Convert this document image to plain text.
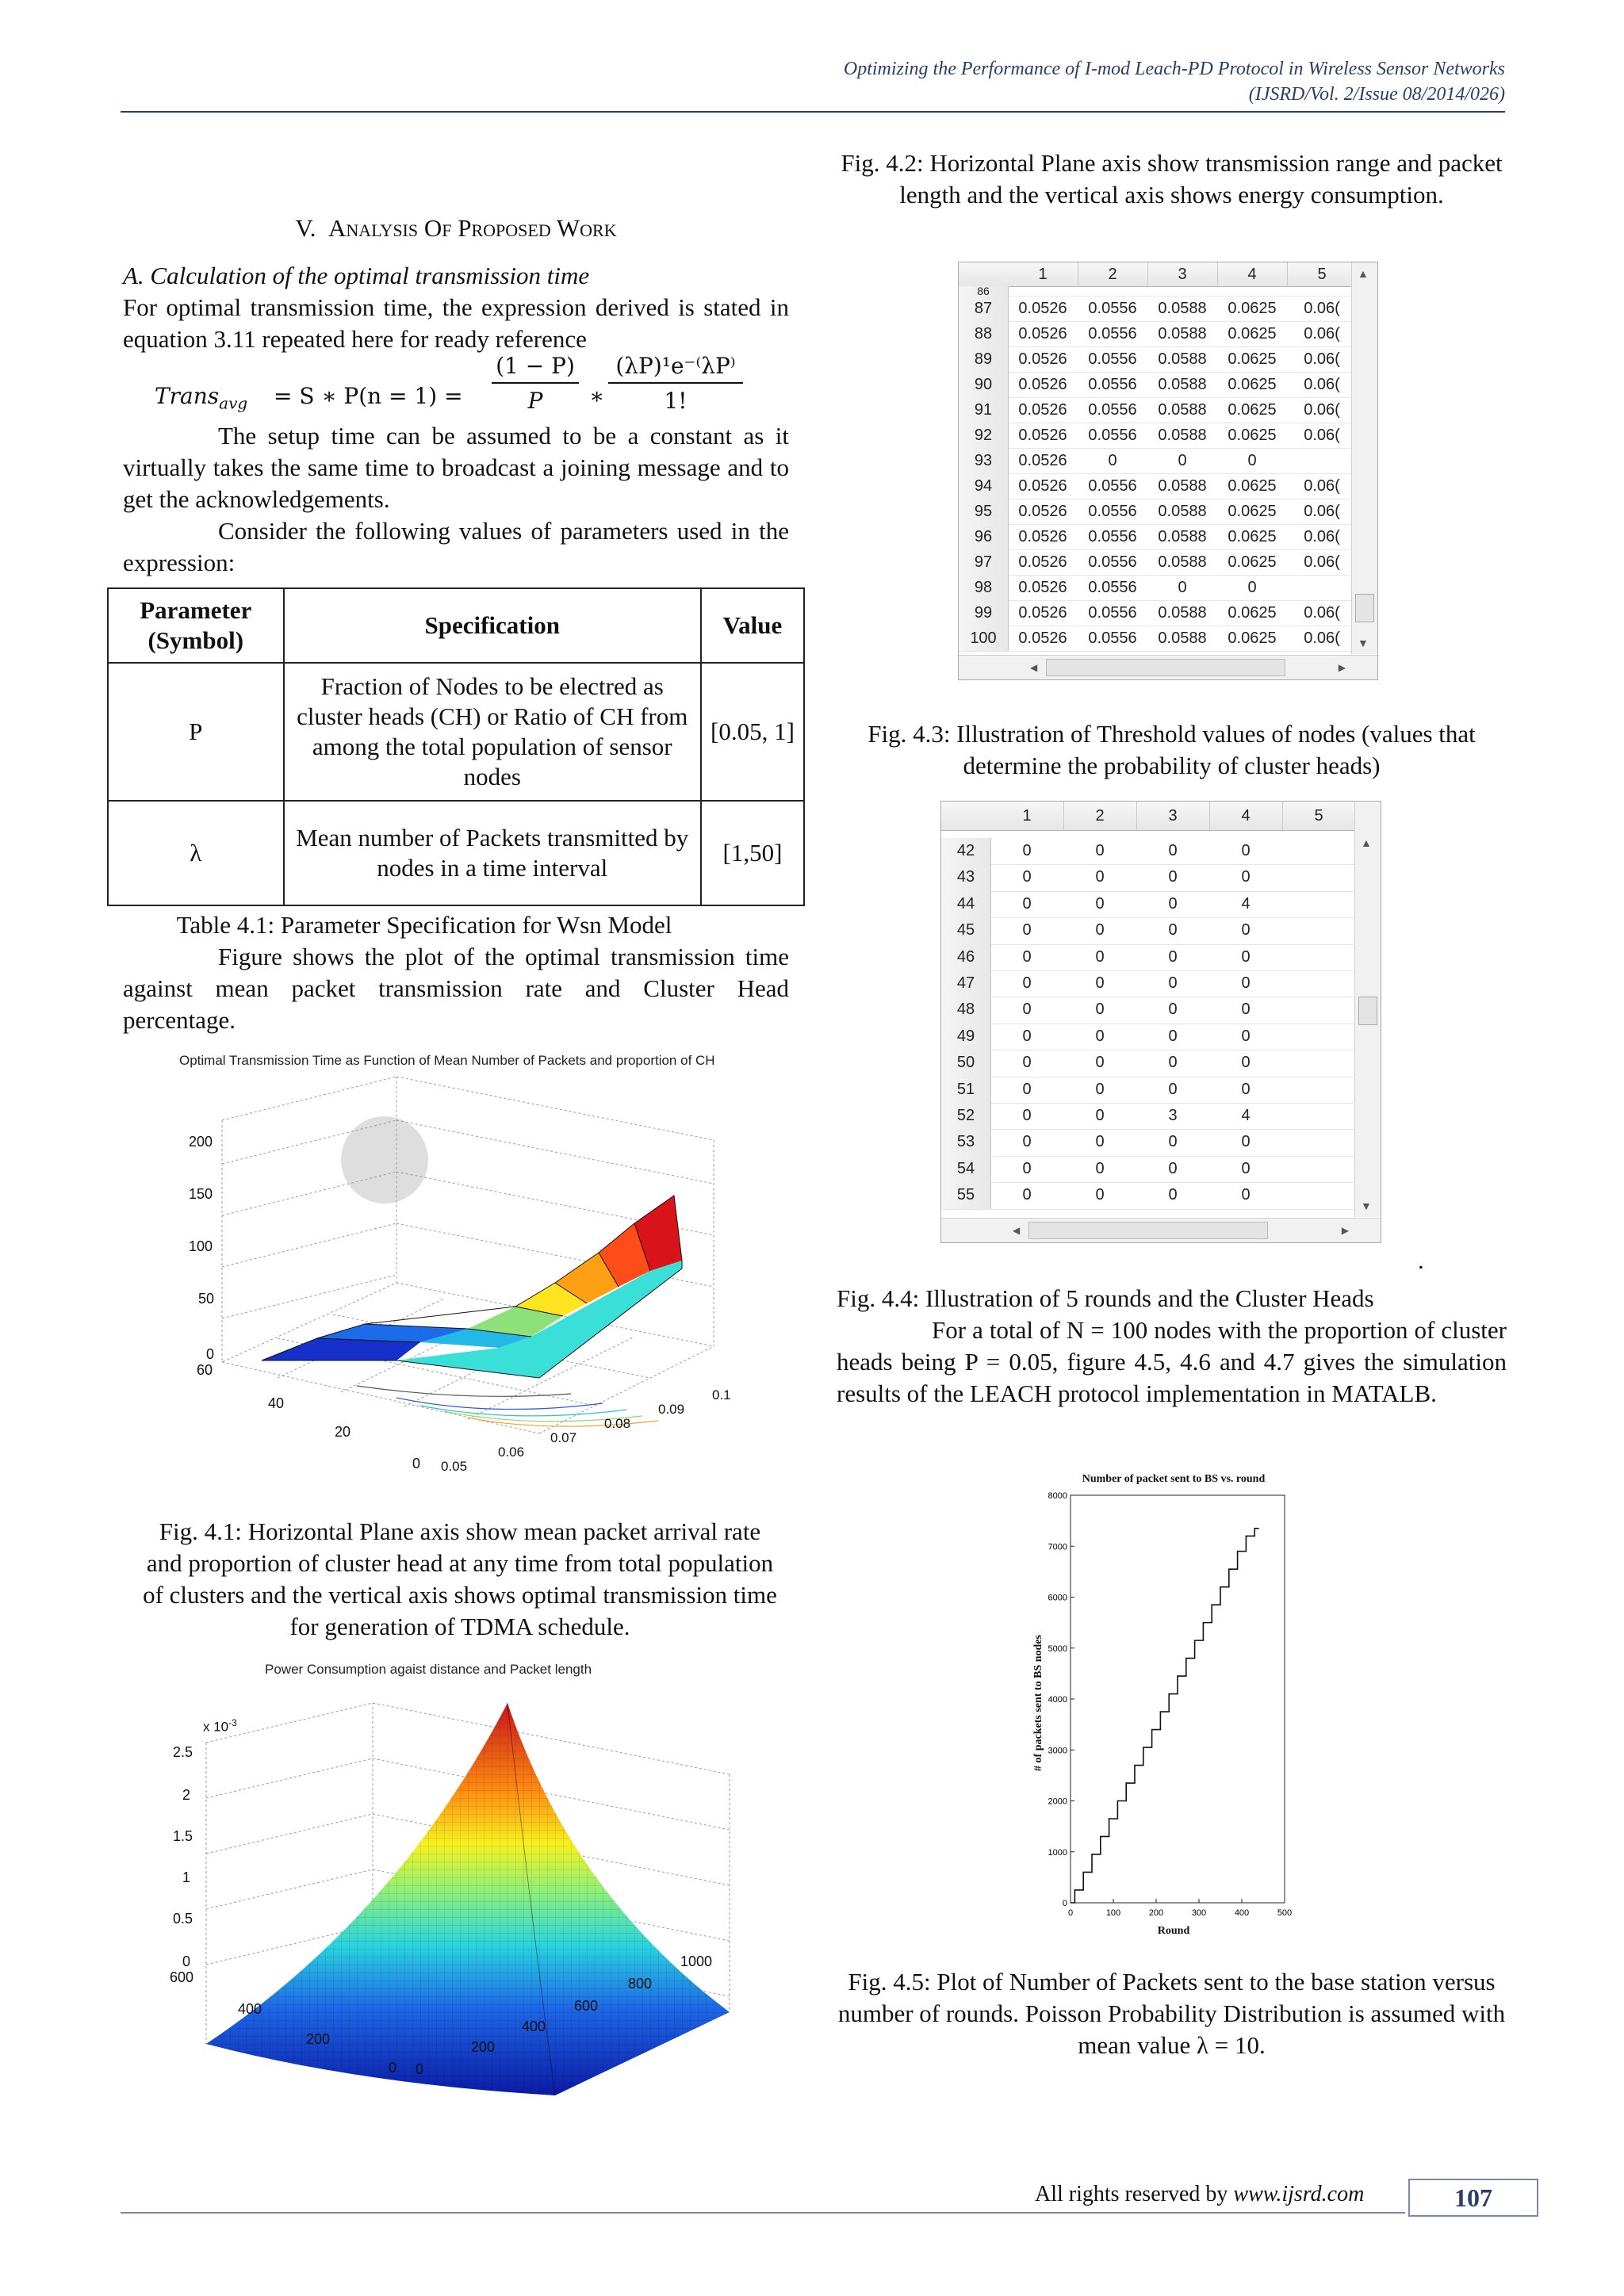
Optimizing the Performance of I-mod Leach-PD Protocol in Wireless Sensor Networks
(IJSRD/Vol. 2/Issue 08/2014/026)
V. Analysis Of Proposed Work
A. Calculation of the optimal transmission time
For optimal transmission time, the expression derived is stated in equation 3.11 repeated here for ready reference
Trans$_{avg}$ = S ∗ P(n = 1) =
(1 − P)
P	∗
(λP)¹e⁻⁽λP⁾
1!
The setup time can be assumed to be a constant as it virtually takes the same time to broadcast a joining message and to get the acknowledgements.
Consider the following values of parameters used in the expression:
Parameter (Symbol)	Specification	Value
P	Fraction of Nodes to be electred as cluster heads (CH) or Ratio of CH from among the total population of sensor nodes	[0.05, 1]
λ	Mean number of Packets transmitted by nodes in a time interval	[1,50]
Table 4.1: Parameter Specification for Wsn Model
Figure shows the plot of the optimal transmission time against mean packet transmission rate and Cluster Head percentage.
Optimal Transmission Time as Function of Mean Number of Packets and proportion of CH
200
150
100
50
0
60
40
20
0 0.05
0.06
0.07
0.08
0.09
0.1
Fig. 4.1: Horizontal Plane axis show mean packet arrival rate and proportion of cluster head at any time from total population of clusters and the vertical axis shows optimal transmission time for generation of TDMA schedule.
Power Consumption agaist distance and Packet length
x $10^{-3}$
2.5
2
1.5
1
0.5
0
600
400
200
0 0
200
400
600
800
1000
Fig. 4.2: Horizontal Plane axis show transmission range and packet length and the vertical axis shows energy consumption.
1	2	3	4	5
86
87	0.0526	0.0556	0.0588	0.0625	0.06(
88	0.0526	0.0556	0.0588	0.0625	0.06(
89	0.0526	0.0556	0.0588	0.0625	0.06(
90	0.0526	0.0556	0.0588	0.0625	0.06(
91	0.0526	0.0556	0.0588	0.0625	0.06(
92	0.0526	0.0556	0.0588	0.0625	0.06(
93	0.0526	0	0	0
94	0.0526	0.0556	0.0588	0.0625	0.06(
95	0.0526	0.0556	0.0588	0.0625	0.06(
96	0.0526	0.0556	0.0588	0.0625	0.06(
97	0.0526	0.0556	0.0588	0.0625	0.06(
98	0.0526	0.0556	0	0
99	0.0526	0.0556	0.0588	0.0625	0.06(
100	0.0526	0.0556	0.0588	0.0625	0.06(
▲
▼
◀	▶
Fig. 4.3: Illustration of Threshold values of nodes (values that determine the probability of cluster heads)
1	2	3	4	5
42	0	0	0	0
43	0	0	0	0
44	0	0	0	4
45	0	0	0	0
46	0	0	0	0
47	0	0	0	0
48	0	0	0	0
49	0	0	0	0
50	0	0	0	0
51	0	0	0	0
52	0	0	3	4
53	0	0	0	0
54	0	0	0	0
55	0	0	0	0
▲
▼
◀	▶
.
Fig. 4.4: Illustration of 5 rounds and the Cluster Heads
For a total of N = 100 nodes with the proportion of cluster heads being P = 0.05, figure 4.5, 4.6 and 4.7 gives the simulation results of the LEACH protocol implementation in MATALB.
Number of packet sent to BS vs. round
Round
# of packets sent to BS nodes
0
1000
2000
3000
4000
5000
6000
7000
8000
0	100	200	300	400	500
Fig. 4.5: Plot of Number of Packets sent to the base station versus number of rounds. Poisson Probability Distribution is assumed with mean value λ = 10.
All rights reserved by www.ijsrd.com	107
